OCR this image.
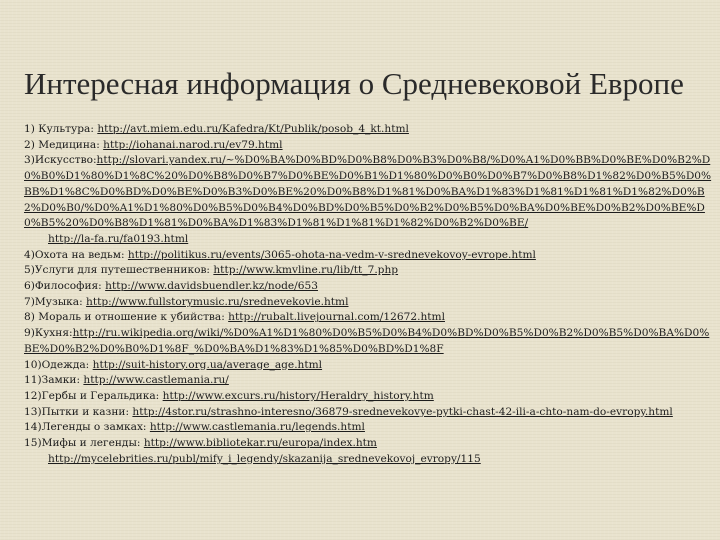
Интересная информация о Средневековой Европе
1) Культура: http://avt.miem.edu.ru/Kafedra/Kt/Publik/posob_4_kt.html
2) Медицина: http://iohanai.narod.ru/ev79.html
3)Искусство:http://slovari.yandex.ru/~%D0%BA%D0%BD%D0%B8%D0%B3%D0%B8/%D0%A1%D0%BB%D0%BE%D0%B2%D0%B0%D1%80%D1%8C%20%D0%B8%D0%B7%D0%BE%D0%B1%D1%80%D0%B0%D0%B7%D0%B8%D1%82%D0%B5%D0%BB%D1%8C%D0%BD%D0%BE%D0%B3%D0%BE%20%D0%B8%D1%81%D0%BA%D1%83%D1%81%D1%81%D1%82%D0%B2%D0%B0/%D0%A1%D1%80%D0%B5%D0%B4%D0%BD%D0%B5%D0%B2%D0%B5%D0%BA%D0%BE%D0%B2%D0%BE%D0%B5%20%D0%B8%D1%81%D0%BA%D1%83%D1%81%D1%81%D1%82%D0%B2%D0%BE/
http://la-fa.ru/fa0193.html
4)Охота на ведьм: http://politikus.ru/events/3065-ohota-na-vedm-v-srednevekovoy-evrope.html
5)Услуги для путешественников: http://www.kmvline.ru/lib/tt_7.php
6)Философия: http://www.davidsbuendler.kz/node/653
7)Музыка: http://www.fullstorymusic.ru/srednevekovie.html
8) Мораль и отношение к убийства: http://rubalt.livejournal.com/12672.html
9)Кухня:http://ru.wikipedia.org/wiki/%D0%A1%D1%80%D0%B5%D0%B4%D0%BD%D0%B5%D0%B2%D0%B5%D0%BA%D0%BE%D0%B2%D0%B0%D1%8F_%D0%BA%D1%83%D1%85%D0%BD%D1%8F
10)Одежда: http://suit-history.org.ua/average_age.html
11)Замки: http://www.castlemania.ru/
12)Гербы и Геральдика: http://www.excurs.ru/history/Heraldry_history.htm
13)Пытки и казни: http://4stor.ru/strashno-interesno/36879-srednevekovye-pytki-chast-42-ili-a-chto-nam-do-evropy.html
14)Легенды о замках: http://www.castlemania.ru/legends.html
15)Мифы и легенды: http://www.bibliotekar.ru/europa/index.htm
http://mycelebrities.ru/publ/mify_i_legendy/skazanija_srednevekovoj_evropy/115
